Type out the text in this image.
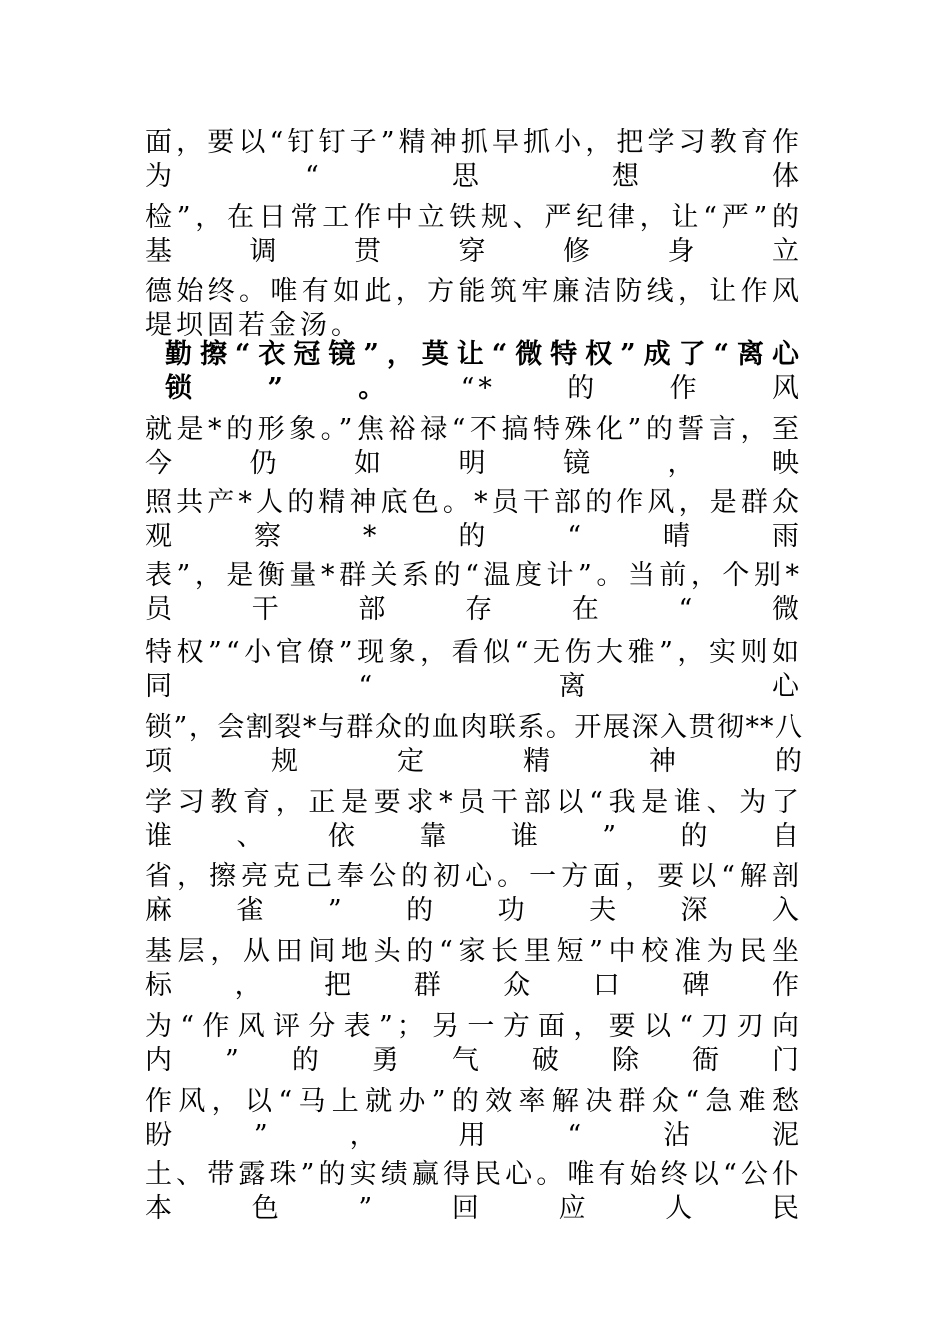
面，要以“钉钉子”精神抓早抓小，把学习教育作为“思想体
检”，在日常工作中立铁规、严纪律，让“严”的基调贯穿修身立
德始终。唯有如此，方能筑牢廉洁防线，让作风堤坝固若金汤。
勤擦“衣冠镜”，莫让“微特权”成了“离心锁”。“*的作风
就是*的形象。”焦裕禄“不搞特殊化”的誓言，至今仍如明镜，映
照共产*人的精神底色。*员干部的作风，是群众观察*的“晴雨
表”，是衡量*群关系的“温度计”。当前，个别*员干部存在“微
特权”“小官僚”现象，看似“无伤大雅”，实则如同“离心
锁”，会割裂*与群众的血肉联系。开展深入贯彻**八项规定精神的
学习教育，正是要求*员干部以“我是谁、为了谁、依靠谁”的自
省，擦亮克己奉公的初心。一方面，要以“解剖麻雀”的功夫深入
基层，从田间地头的“家长里短”中校准为民坐标，把群众口碑作
为“作风评分表”；另一方面，要以“刀刃向内”的勇气破除衙门
作风，以“马上就办”的效率解决群众“急难愁盼”，用“沾泥
土、带露珠”的实绩赢得民心。唯有始终以“公仆本色”回应人民
